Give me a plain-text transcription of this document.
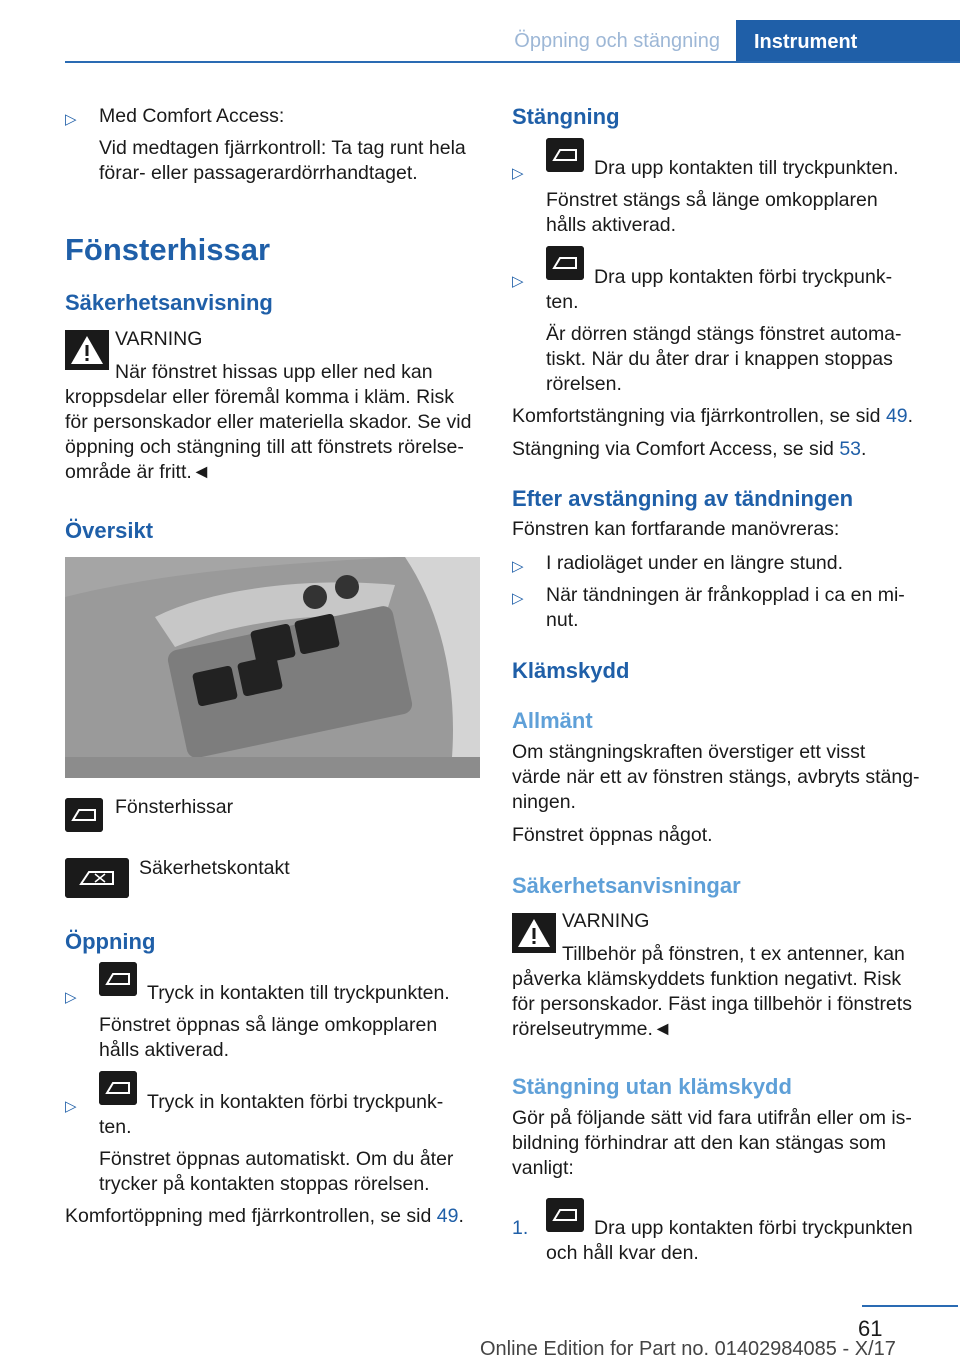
Öppning och stängning	Instrument
▷ Med Comfort Access:
Vid medtagen fjärrkontroll: Ta tag runt hela
förar- eller passagerardörrhandtaget.
Fönsterhissar
Säkerhetsanvisning
VARNING
När fönstret hissas upp eller ned kan
kroppsdelar eller föremål komma i kläm. Risk
för personskador eller materiella skador. Se vid
öppning och stängning till att fönstrets rörelse-
område är fritt.◄
Översikt
Fönsterhissar
Säkerhetskontakt
Öppning
▷	Tryck in kontakten till tryckpunkten.
Fönstret öppnas så länge omkopplaren
hålls aktiverad.
▷	Tryck in kontakten förbi tryckpunk-
ten.
Fönstret öppnas automatiskt. Om du åter
trycker på kontakten stoppas rörelsen.
Komfortöppning med fjärrkontrollen, se sid 49.
Stängning
▷	Dra upp kontakten till tryckpunkten.
Fönstret stängs så länge omkopplaren
hålls aktiverad.
▷	Dra upp kontakten förbi tryckpunk-
ten.
Är dörren stängd stängs fönstret automa-
tiskt. När du åter drar i knappen stoppas
rörelsen.
Komfortstängning via fjärrkontrollen, se sid 49.
Stängning via Comfort Access, se sid 53.
Efter avstängning av tändningen
Fönstren kan fortfarande manövreras:
▷ I radioläget under en längre stund.
▷ När tändningen är frånkopplad i ca en mi-
nut.
Klämskydd
Allmänt
Om stängningskraften överstiger ett visst
värde när ett av fönstren stängs, avbryts stäng-
ningen.
Fönstret öppnas något.
Säkerhetsanvisningar
VARNING
Tillbehör på fönstren, t ex antenner, kan
påverka klämskyddets funktion negativt. Risk
för personskador. Fäst inga tillbehör i fönstrets
rörelseutrymme.◄
Stängning utan klämskydd
Gör på följande sätt vid fara utifrån eller om is-
bildning förhindrar att den kan stängas som
vanligt:
1.	Dra upp kontakten förbi tryckpunkten
och håll kvar den.
61
Online Edition for Part no. 01402984085 - X/17
